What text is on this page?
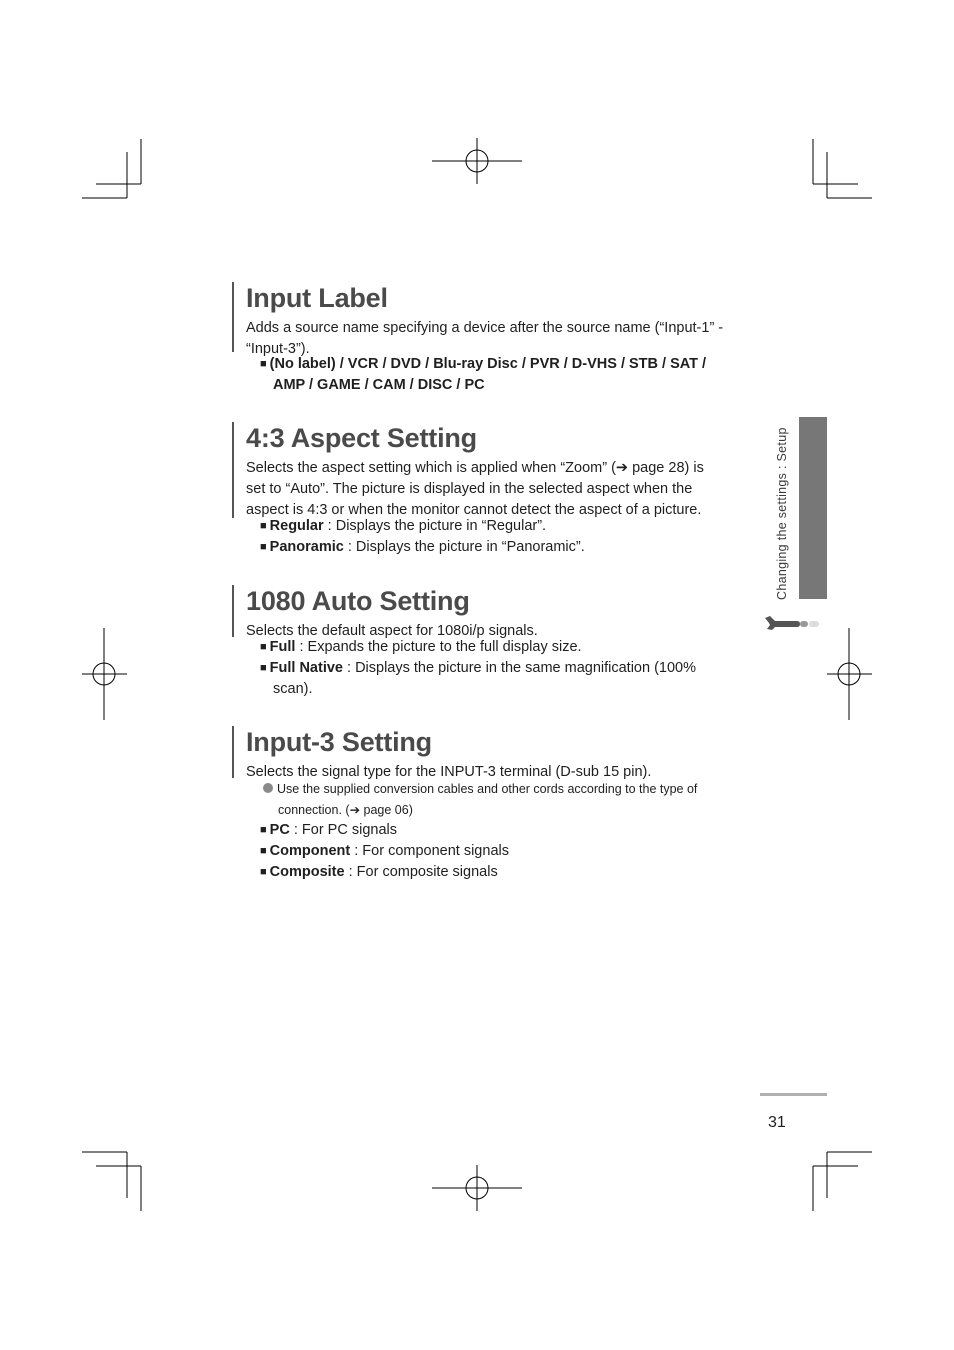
Input Label

Adds a source name specifying a device after the source name (“Input-1” -

“Input-3”).

■ (No label) / VCR / DVD / Blu-ray Disc / PVR / D-VHS / STB / SAT /
AMP / GAME / CAM / DISC / PC
4:3 Aspect Setting

Selects the aspect setting which is applied when “Zoom” (➔ page 28) is

set to “Auto”. The picture is displayed in the selected aspect when the

aspect is 4:3 or when the monitor cannot detect the aspect of a picture.

■ Regular : Displays the picture in “Regular”.
■ Panoramic : Displays the picture in “Panoramic”.
1080 Auto Setting

Selects the default aspect for 1080i/p signals.

■ Full : Expands the picture to the full display size.
■ Full Native : Displays the picture in the same magnification (100%
scan).
Input-3 Setting

Selects the signal type for the INPUT-3 terminal (D-sub 15 pin).

Use the supplied conversion cables and other cords according to the type of
connection. (➔ page 06)
■ PC : For PC signals
■ Component : For component signals
■ Composite : For composite signals
Changing the settings : Setup
31
